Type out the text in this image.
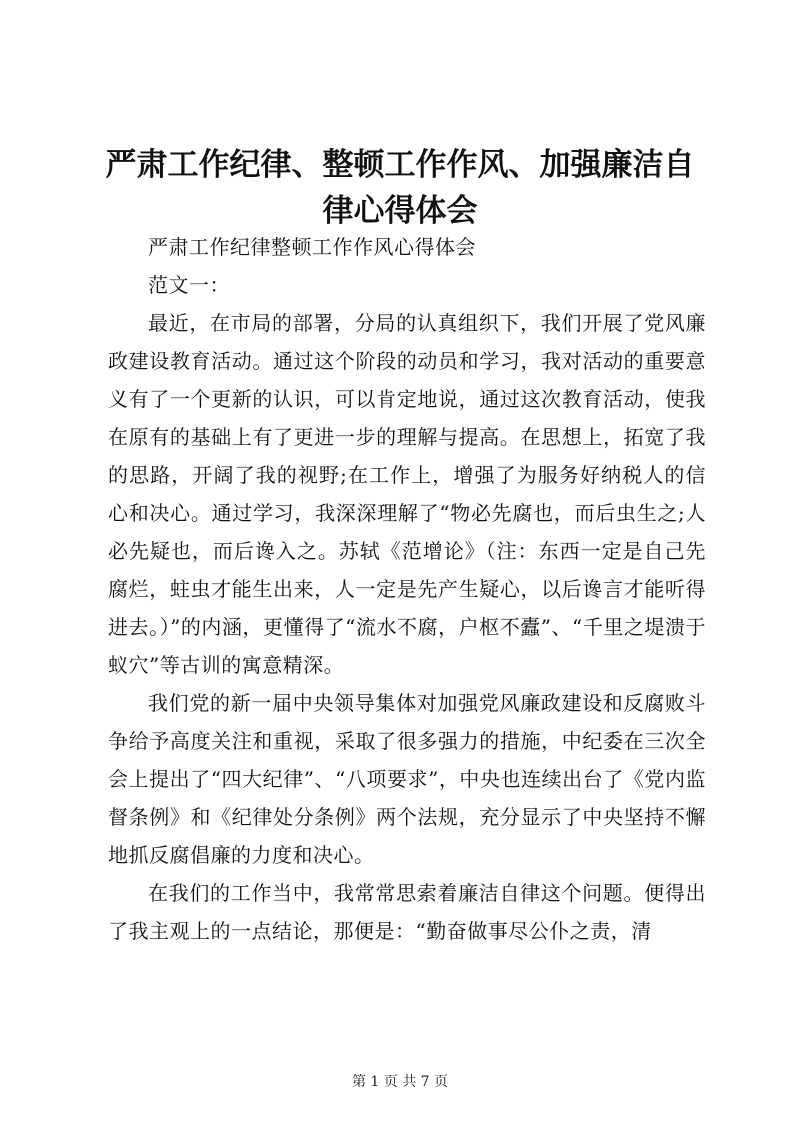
严肃工作纪律、整顿工作作风、加强廉洁自律心得体会

严肃工作纪律整顿工作作风心得体会

范文一：

最近，在市局的部署，分局的认真组织下，我们开展了党风廉政建设教育活动。通过这个阶段的动员和学习，我对活动的重要意义有了一个更新的认识，可以肯定地说，通过这次教育活动，使我在原有的基础上有了更进一步的理解与提高。在思想上，拓宽了我的思路，开阔了我的视野;在工作上，增强了为服务好纳税人的信心和决心。通过学习，我深深理解了“物必先腐也，而后虫生之;人必先疑也，而后谗入之。苏轼《范增论》（注：东西一定是自己先腐烂，蛀虫才能生出来，人一定是先产生疑心，以后谗言才能听得进去。）”的内涵，更懂得了“流水不腐，户枢不蠹”、“千里之堤溃于蚁穴”等古训的寓意精深。

我们党的新一届中央领导集体对加强党风廉政建设和反腐败斗争给予高度关注和重视，采取了很多强力的措施，中纪委在三次全会上提出了“四大纪律”、“八项要求”，中央也连续出台了《党内监督条例》和《纪律处分条例》两个法规，充分显示了中央坚持不懈地抓反腐倡廉的力度和决心。

在我们的工作当中，我常常思索着廉洁自律这个问题。便得出了我主观上的一点结论，那便是：“勤奋做事尽公仆之责，清

第 1 页 共 7 页
